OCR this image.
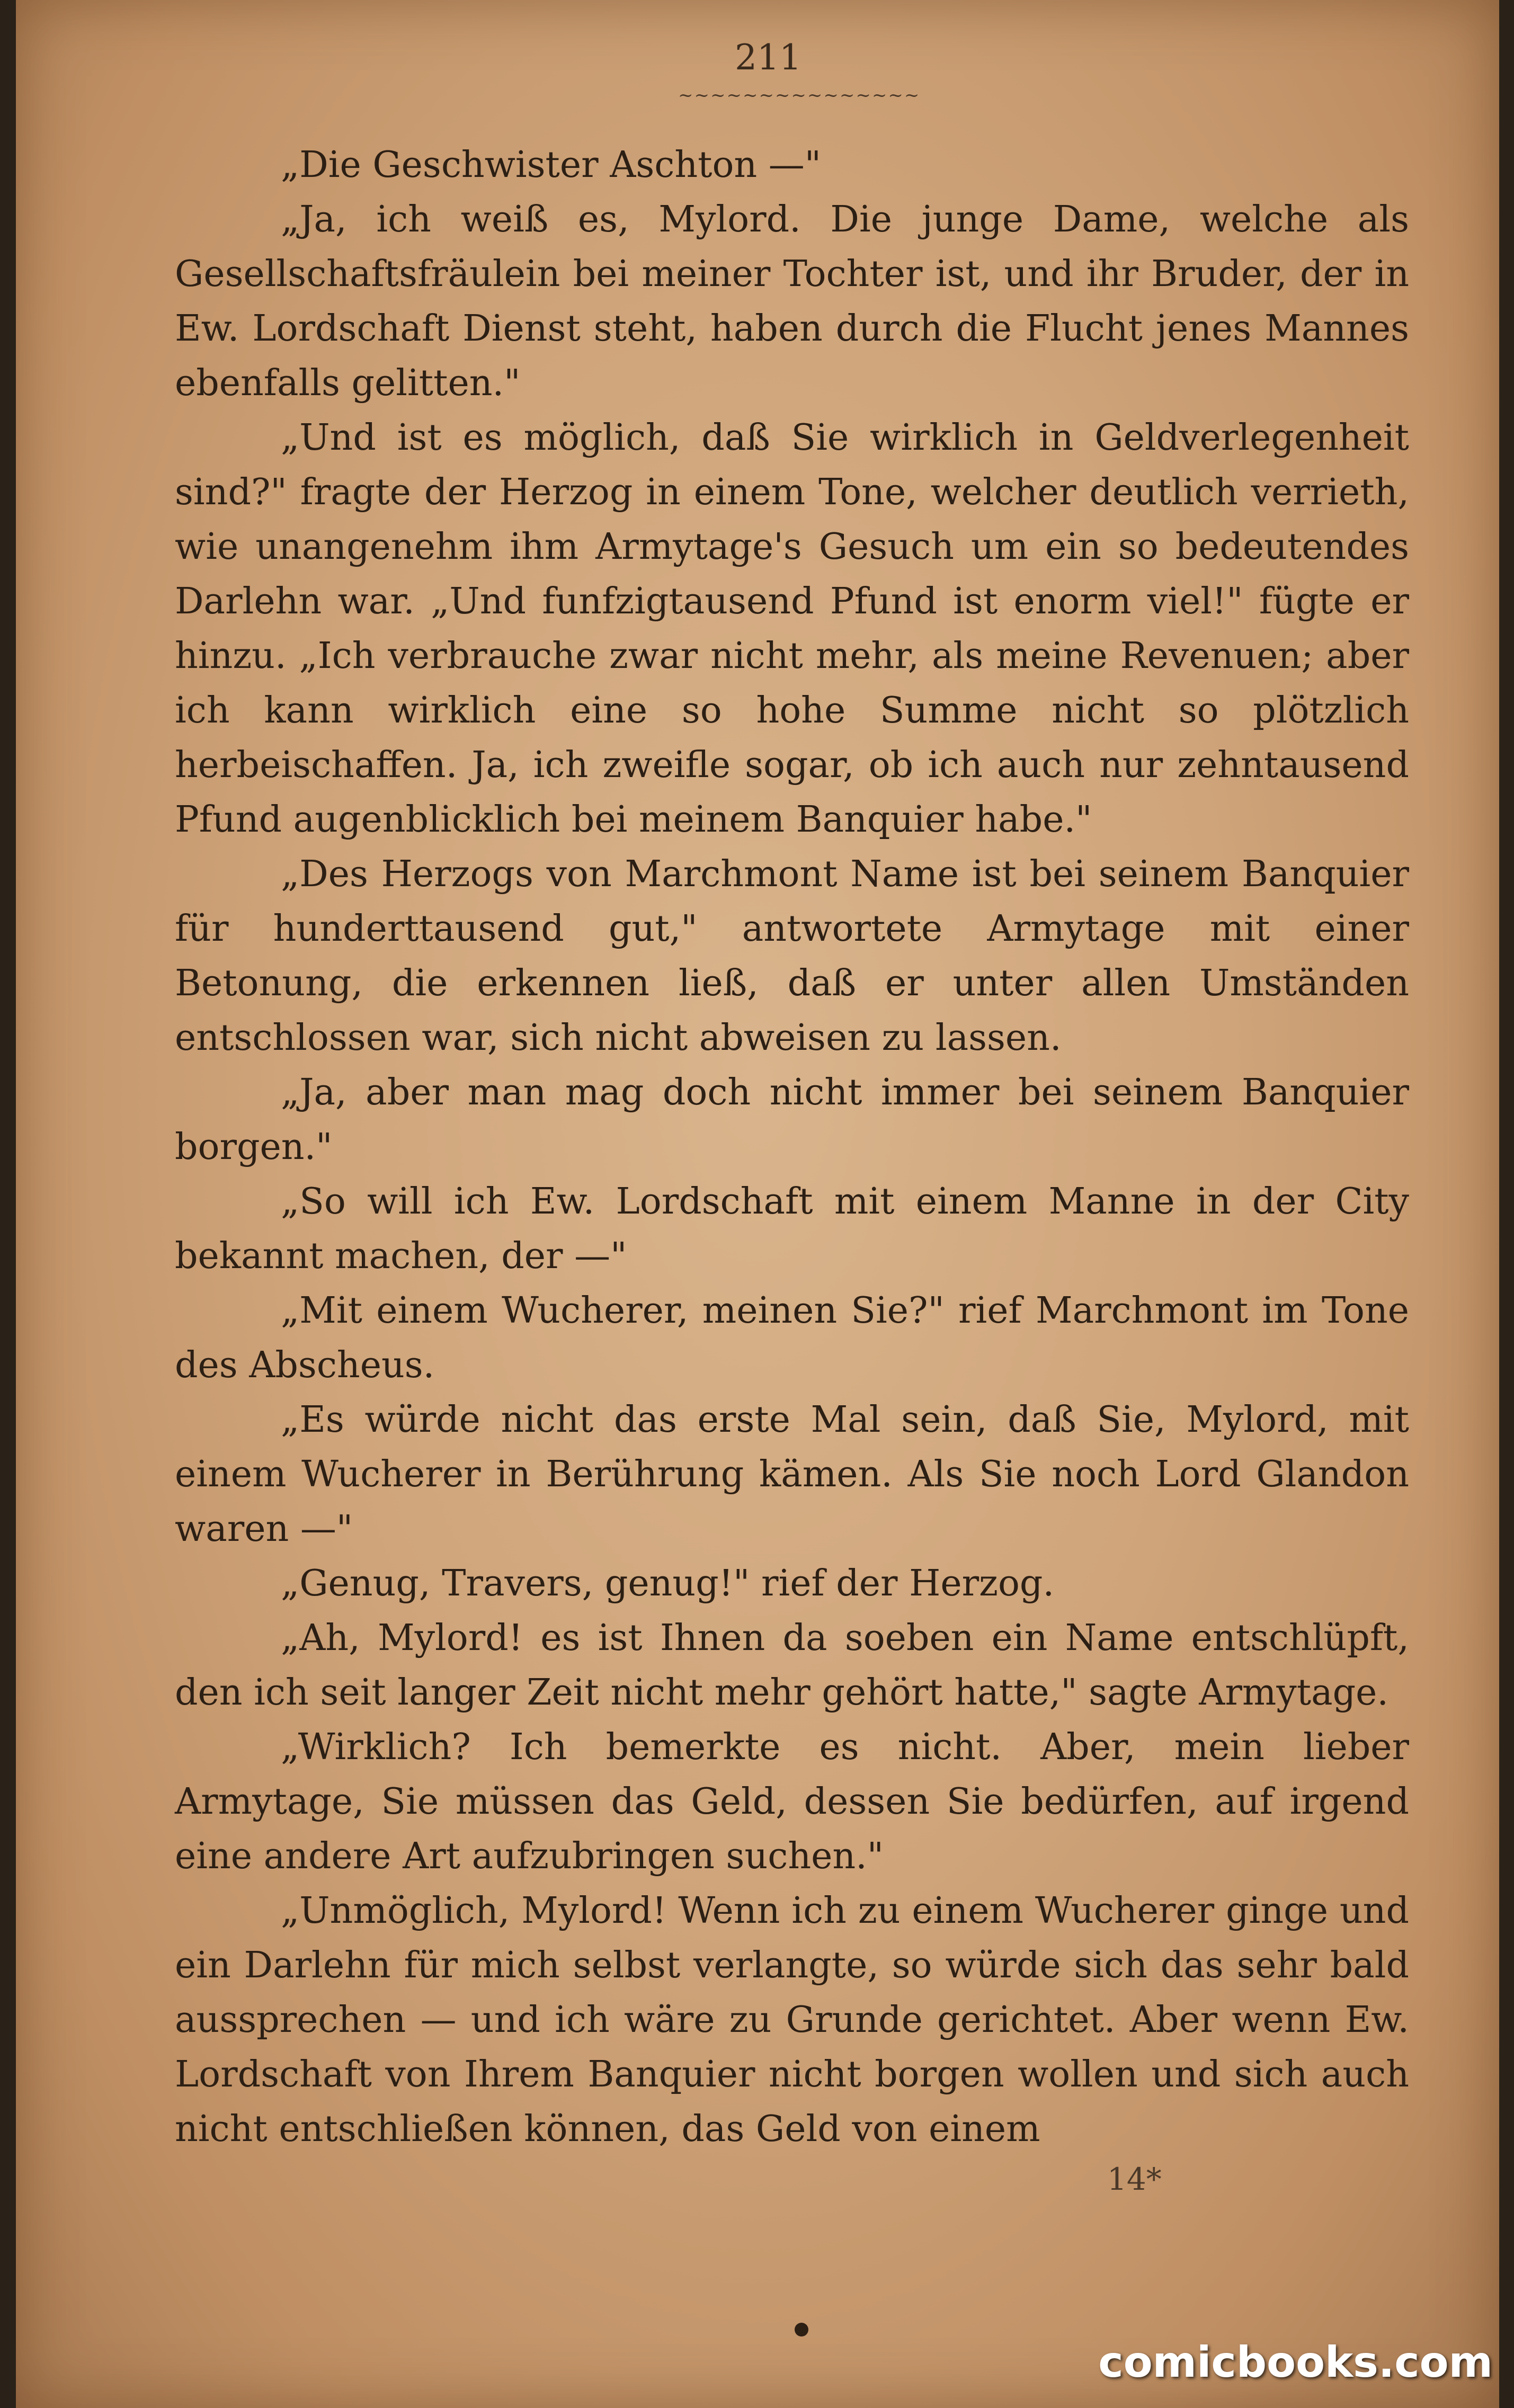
211
~~~~~~~~~~~~~~~

„Die Geschwister Aschton —"

„Ja, ich weiß es, Mylord. Die junge Dame, welche als Gesellschaftsfräulein bei meiner Tochter ist, und ihr Bruder, der in Ew. Lordschaft Dienst steht, haben durch die Flucht jenes Mannes ebenfalls gelitten."

„Und ist es möglich, daß Sie wirklich in Geldverlegenheit sind?" fragte der Herzog in einem Tone, welcher deutlich verrieth, wie unangenehm ihm Armytage's Gesuch um ein so bedeutendes Darlehn war. „Und funfzigtausend Pfund ist enorm viel!" fügte er hinzu. „Ich verbrauche zwar nicht mehr, als meine Revenuen; aber ich kann wirklich eine so hohe Summe nicht so plötzlich herbeischaffen. Ja, ich zweifle sogar, ob ich auch nur zehntausend Pfund augenblicklich bei meinem Banquier habe."

„Des Herzogs von Marchmont Name ist bei seinem Banquier für hunderttausend gut," antwortete Armytage mit einer Betonung, die erkennen ließ, daß er unter allen Umständen entschlossen war, sich nicht abweisen zu lassen.

„Ja, aber man mag doch nicht immer bei seinem Banquier borgen."

„So will ich Ew. Lordschaft mit einem Manne in der City bekannt machen, der —"

„Mit einem Wucherer, meinen Sie?" rief Marchmont im Tone des Abscheus.

„Es würde nicht das erste Mal sein, daß Sie, Mylord, mit einem Wucherer in Berührung kämen. Als Sie noch Lord Glandon waren —"

„Genug, Travers, genug!" rief der Herzog.

„Ah, Mylord! es ist Ihnen da soeben ein Name entschlüpft, den ich seit langer Zeit nicht mehr gehört hatte," sagte Armytage.

„Wirklich? Ich bemerkte es nicht. Aber, mein lieber Armytage, Sie müssen das Geld, dessen Sie bedürfen, auf irgend eine andere Art aufzubringen suchen."

„Unmöglich, Mylord! Wenn ich zu einem Wucherer ginge und ein Darlehn für mich selbst verlangte, so würde sich das sehr bald aussprechen — und ich wäre zu Grunde gerichtet. Aber wenn Ew. Lordschaft von Ihrem Banquier nicht borgen wollen und sich auch nicht entschließen können, das Geld von einem

14*
comicbooks.com
